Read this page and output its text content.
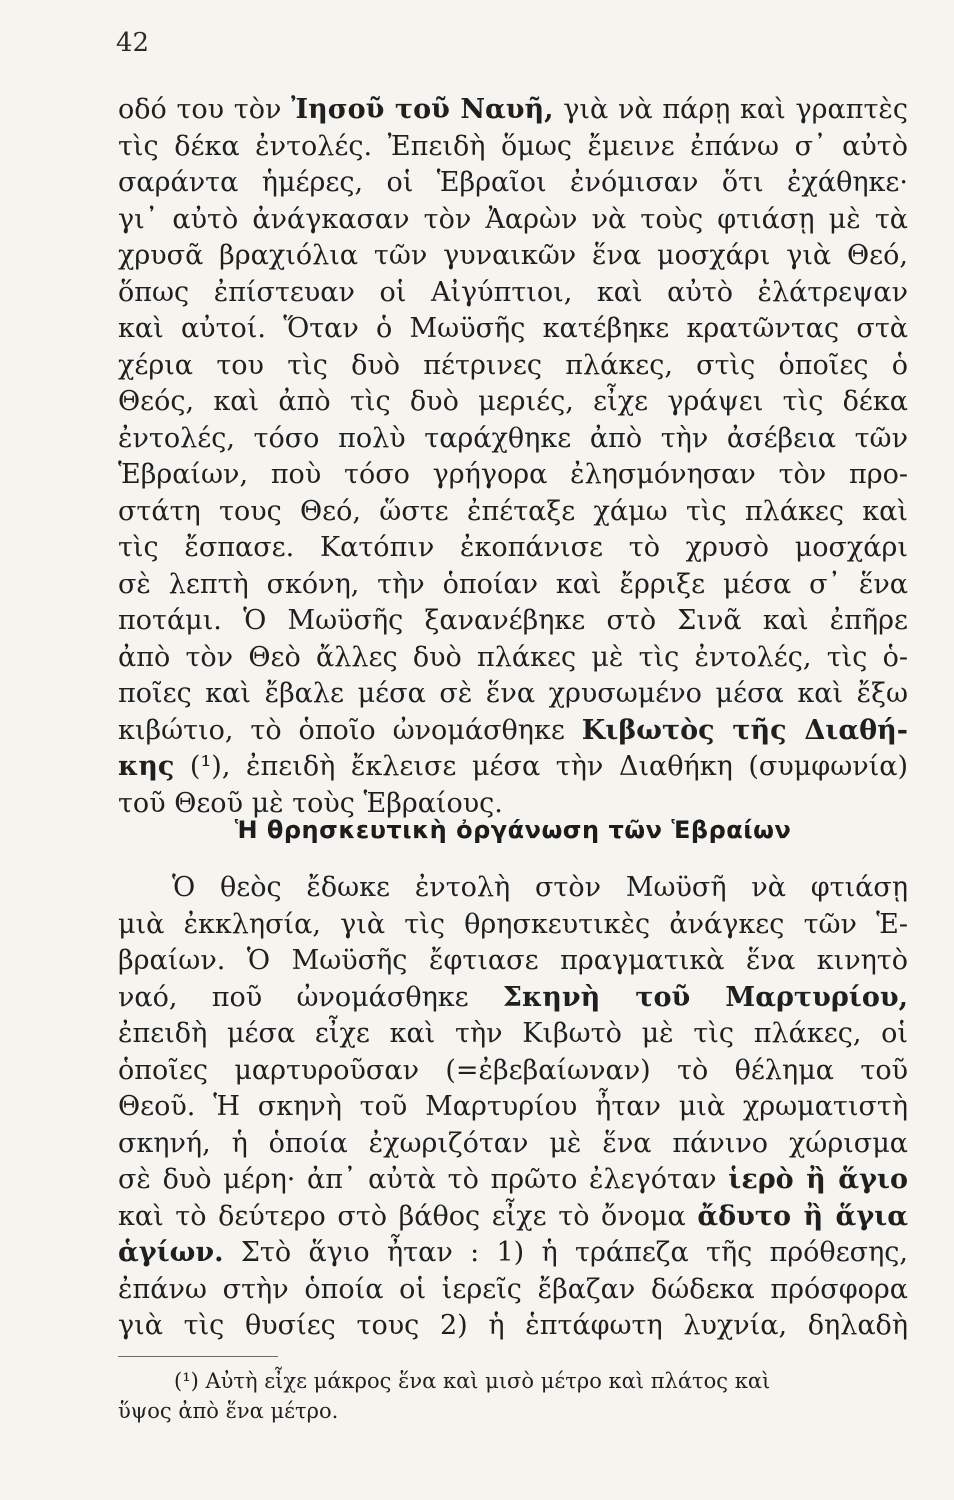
42
οδό του τὸν Ἰησοῦ τοῦ Ναυῆ, γιὰ νὰ πάρῃ καὶ γραπτὲς
τὶς δέκα ἐντολές. Ἐπειδὴ ὅμως ἔμεινε ἐπάνω σ᾿ αὐτὸ
σαράντα ἡμέρες, οἱ Ἑβραῖοι ἐνόμισαν ὅτι ἐχάθηκε·
γι᾿ αὐτὸ ἀνάγκασαν τὸν Ἀαρὼν νὰ τοὺς φτιάσῃ μὲ τὰ
χρυσᾶ βραχιόλια τῶν γυναικῶν ἕνα μοσχάρι γιὰ Θεό,
ὅπως ἐπίστευαν οἱ Αἰγύπτιοι, καὶ αὐτὸ ἐλάτρεψαν
καὶ αὐτοί. Ὅταν ὁ Μωϋσῆς κατέβηκε κρατῶντας στὰ
χέρια του τὶς δυὸ πέτρινες πλάκες, στὶς ὁποῖες ὁ
Θεός, καὶ ἀπὸ τὶς δυὸ μεριές, εἶχε γράψει τὶς δέκα
ἐντολές, τόσο πολὺ ταράχθηκε ἀπὸ τὴν ἀσέβεια τῶν
Ἑβραίων, ποὺ τόσο γρήγορα ἐλησμόνησαν τὸν προ-
στάτη τους Θεό, ὥστε ἐπέταξε χάμω τὶς πλάκες καὶ
τὶς ἔσπασε. Κατόπιν ἐκοπάνισε τὸ χρυσὸ μοσχάρι
σὲ λεπτὴ σκόνη, τὴν ὁποίαν καὶ ἔρριξε μέσα σ᾿ ἕνα
ποτάμι. Ὁ Μωϋσῆς ξανανέβηκε στὸ Σινᾶ καὶ ἐπῆρε
ἀπὸ τὸν Θεὸ ἄλλες δυὸ πλάκες μὲ τὶς ἐντολές, τὶς ὁ-
ποῖες καὶ ἔβαλε μέσα σὲ ἕνα χρυσωμένο μέσα καὶ ἔξω
κιβώτιο, τὸ ὁποῖο ὠνομάσθηκε Κιβωτὸς τῆς Διαθή-
κης (¹), ἐπειδὴ ἔκλεισε μέσα τὴν Διαθήκη (συμφωνία)
τοῦ Θεοῦ μὲ τοὺς Ἑβραίους.
Ἡ θρησκευτικὴ ὀργάνωση τῶν Ἑβραίων
Ὁ θεὸς ἔδωκε ἐντολὴ στὸν Μωϋσῆ νὰ φτιάσῃ
μιὰ ἐκκλησία, γιὰ τὶς θρησκευτικὲς ἀνάγκες τῶν Ἑ-
βραίων. Ὁ Μωϋσῆς ἔφτιασε πραγματικὰ ἕνα κινητὸ
ναό, ποῦ ὠνομάσθηκε Σκηνὴ τοῦ Μαρτυρίου,
ἐπειδὴ μέσα εἶχε καὶ τὴν Κιβωτὸ μὲ τὶς πλάκες, οἱ
ὁποῖες μαρτυροῦσαν (=ἐβεβαίωναν) τὸ θέλημα τοῦ
Θεοῦ. Ἡ σκηνὴ τοῦ Μαρτυρίου ἦταν μιὰ χρωματιστὴ
σκηνή, ἡ ὁποία ἐχωριζόταν μὲ ἕνα πάνινο χώρισμα
σὲ δυὸ μέρη· ἀπ᾿ αὐτὰ τὸ πρῶτο ἐλεγόταν ἱερὸ ἢ ἅγιο
καὶ τὸ δεύτερο στὸ βάθος εἶχε τὸ ὄνομα ἄδυτο ἢ ἅγια
ἁγίων. Στὸ ἅγιο ἦταν : 1) ἡ τράπεζα τῆς πρόθεσης,
ἐπάνω στὴν ὁποία οἱ ἱερεῖς ἔβαζαν δώδεκα πρόσφορα
γιὰ τὶς θυσίες τους 2) ἡ ἑπτάφωτη λυχνία, δηλαδὴ
(¹) Αὐτὴ εἶχε μάκρος ἕνα καὶ μισὸ μέτρο καὶ πλάτος καὶ
ὕψος ἀπὸ ἕνα μέτρο.
